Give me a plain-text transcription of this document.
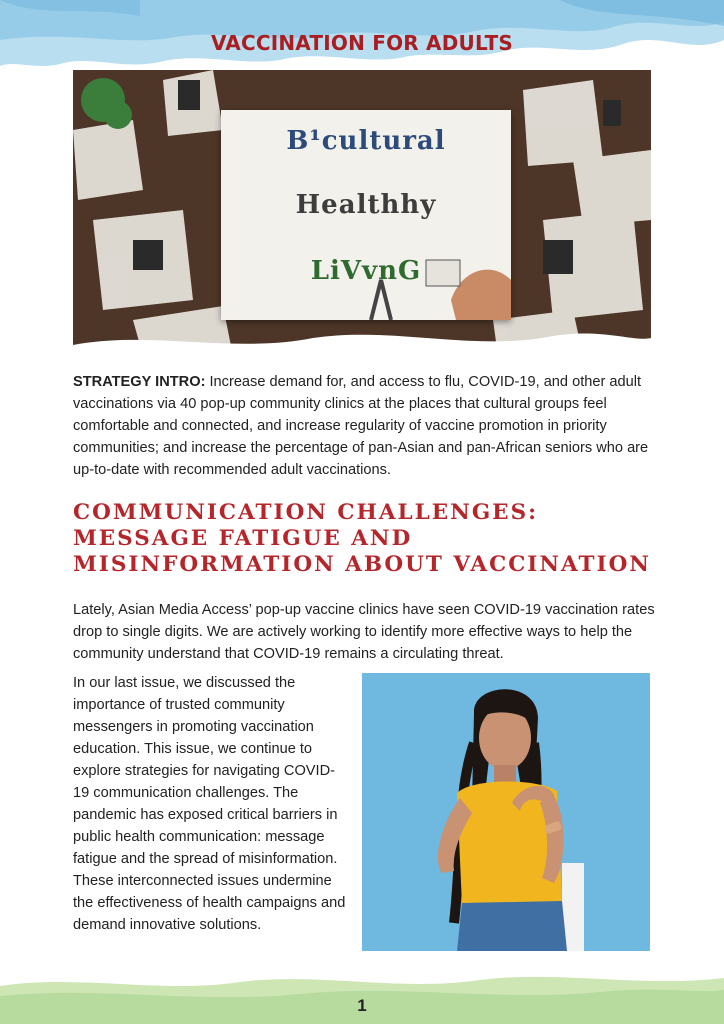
VACCINATION FOR ADULTS
B¹cultural
Healthhy
LiVvnG
STRATEGY INTRO: Increase demand for, and access to flu, COVID-19, and other adult vaccinations via 40 pop-up community clinics at the places that cultural groups feel comfortable and connected, and increase regularity of vaccine promotion in priority communities; and increase the percentage of pan-Asian and pan-African seniors who are up-to-date with recommended adult vaccinations.
COMMUNICATION CHALLENGES: MESSAGE FATIGUE AND MISINFORMATION ABOUT VACCINATION
Lately, Asian Media Access’ pop-up vaccine clinics have seen COVID-19 vaccination rates drop to single digits. We are actively working to identify more effective ways to help the community understand that COVID-19 remains a circulating threat.
In our last issue, we discussed the importance of trusted community messengers in promoting vaccination education. This issue, we continue to explore strategies for navigating COVID-19 communication challenges. The pandemic has exposed critical barriers in public health communication: message fatigue and the spread of misinformation. These interconnected issues undermine the effectiveness of health campaigns and demand innovative solutions.
1
